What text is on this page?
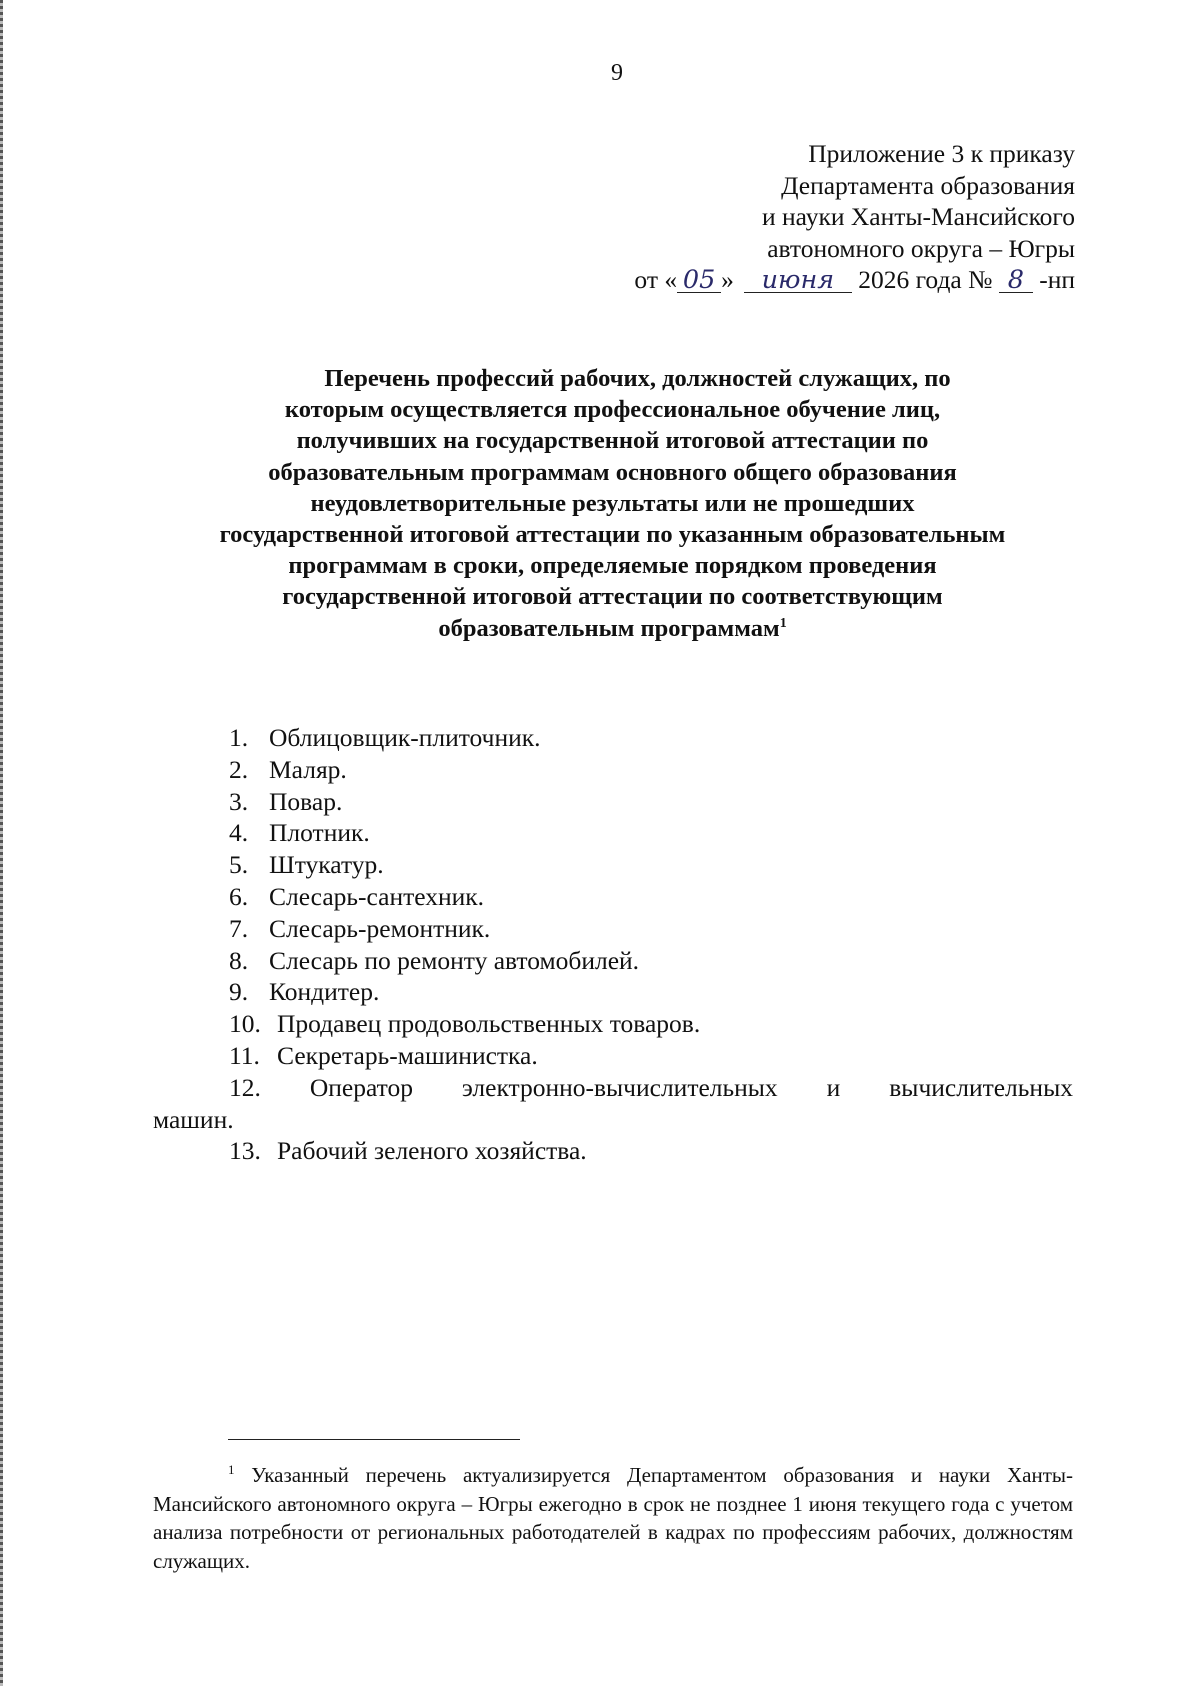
9
Приложение 3 к приказу
Департамента образования
и науки Ханты-Мансийского
автономного округа – Югры
от « 05 » июня 2026 года № 8 -нп
Перечень профессий рабочих, должностей служащих, по
которым осуществляется профессиональное обучение лиц,
получивших на государственной итоговой аттестации по
образовательным программам основного общего образования
неудовлетворительные результаты или не прошедших
государственной итоговой аттестации по указанным образовательным
программам в сроки, определяемые порядком проведения
государственной итоговой аттестации по соответствующим
образовательным программам$^1$
1. Облицовщик-плиточник.
2. Маляр.
3. Повар.
4. Плотник.
5. Штукатур.
6. Слесарь-сантехник.
7. Слесарь-ремонтник.
8. Слесарь по ремонту автомобилей.
9. Кондитер.
10. Продавец продовольственных товаров.
11. Секретарь-машинистка.
12. Оператор электронно-вычислительных и вычислительных
машин.
13. Рабочий зеленого хозяйства.
$^1$ Указанный перечень актуализируется Департаментом образования и науки Ханты-Мансийского автономного округа – Югры ежегодно в срок не позднее 1 июня текущего года с учетом анализа потребности от региональных работодателей в кадрах по профессиям рабочих, должностям служащих.
